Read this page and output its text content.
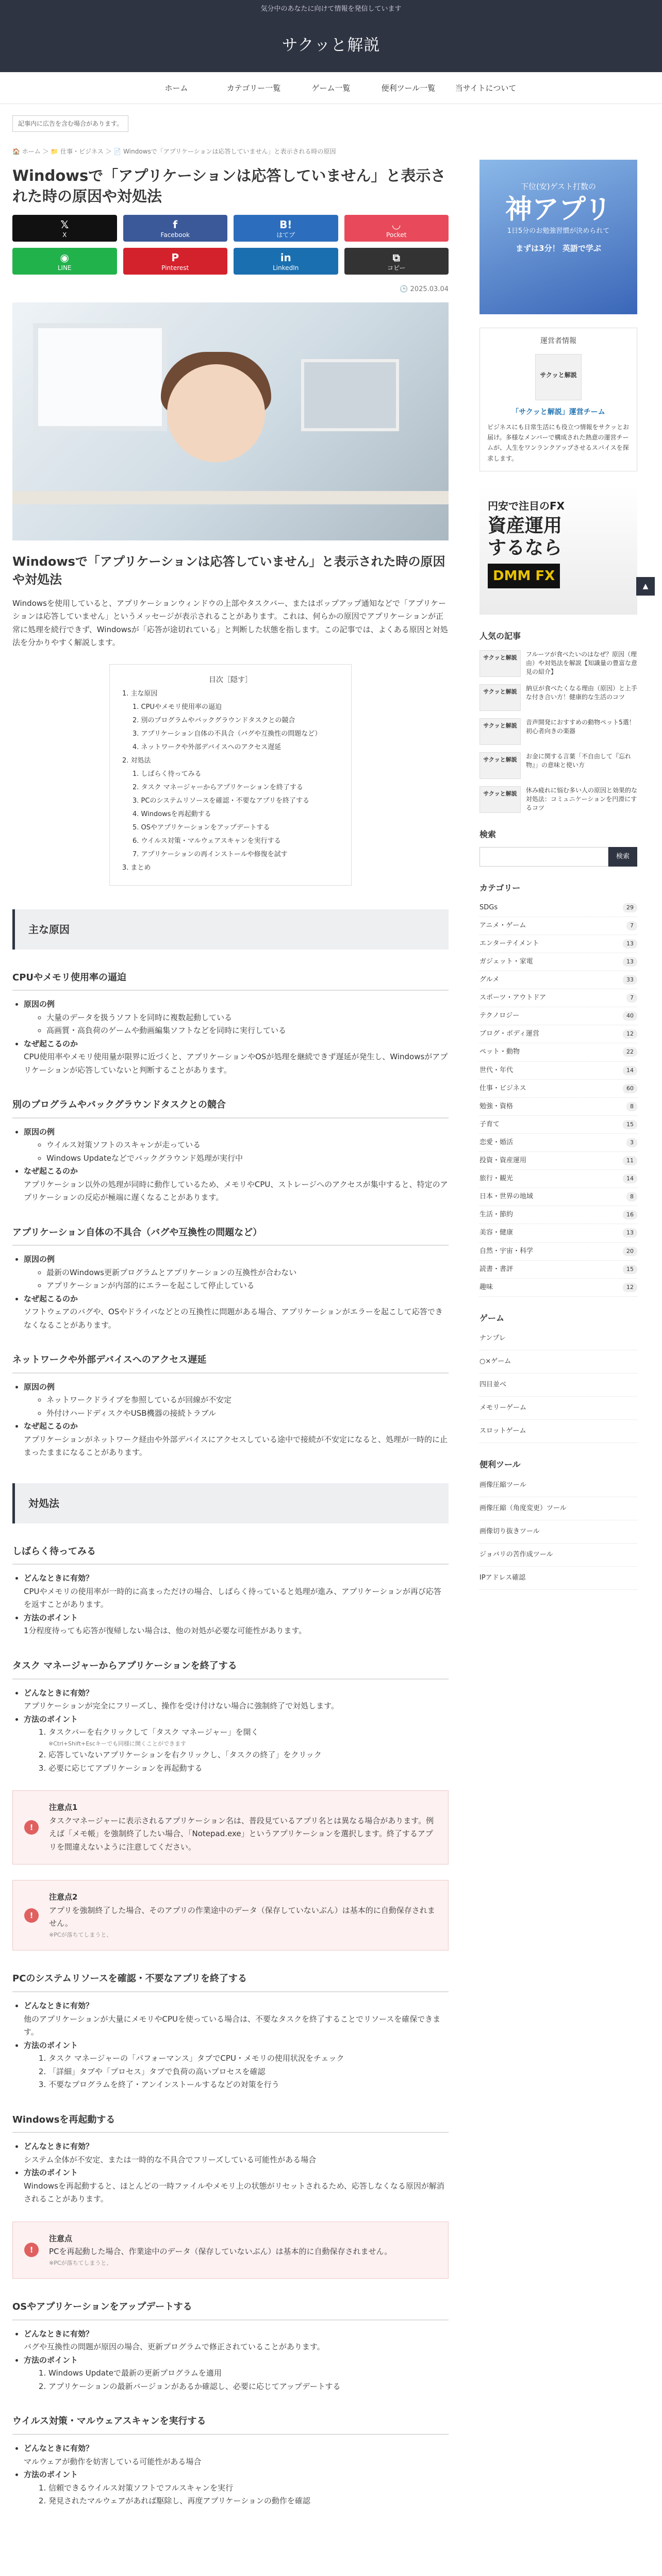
気分中のあなたに向けて情報を発信しています
サクッと解説
ホーム	カテゴリー一覧	ゲーム一覧	便利ツール一覧	当サイトについて
記事内に広告を含む場合があります。
🏠 ホーム ＞ 📁 仕事・ビジネス ＞ 📄 Windowsで「アプリケーションは応答していません」と表示される時の原因
Windowsで「アプリケーションは応答していません」と表示された時の原因や対処法
𝕏
X
f
Facebook
B!
はてブ
◡
Pocket
◉
LINE
P
Pinterest
in
LinkedIn
⧉
コピー
🕒 2025.03.04
Windowsで「アプリケーションは応答していません」と表示された時の原因や対処法

Windowsを使用していると、アプリケーションウィンドウの上部やタスクバー、またはポップアップ通知などで「アプリケーションは応答していません」というメッセージが表示されることがあります。これは、何らかの原因でアプリケーションが正常に処理を続行できず、Windowsが「応答が途切れている」と判断した状態を指します。この記事では、よくある原因と対処法を分かりやすく解説します。

目次［隠す］
1. 主な原因
1. CPUやメモリ使用率の逼迫
2. 別のプログラムやバックグラウンドタスクとの競合
3. アプリケーション自体の不具合（バグや互換性の問題など）
4. ネットワークや外部デバイスへのアクセス遅延
2. 対処法
1. しばらく待ってみる
2. タスク マネージャーからアプリケーションを終了する
3. PCのシステムリソースを確認・不要なアプリを終了する
4. Windowsを再起動する
5. OSやアプリケーションをアップデートする
6. ウイルス対策・マルウェアスキャンを実行する
7. アプリケーションの再インストールや修復を試す
3. まとめ
主な原因
CPUやメモリ使用率の逼迫
• 原因の例
◦ 大量のデータを扱うソフトを同時に複数起動している
◦ 高画質・高負荷のゲームや動画編集ソフトなどを同時に実行している
• なぜ起こるのか
CPU使用率やメモリ使用量が限界に近づくと、アプリケーションやOSが処理を継続できず遅延が発生し、Windowsがアプリケーションが応答していないと判断することがあります。
別のプログラムやバックグラウンドタスクとの競合
• 原因の例
◦ ウイルス対策ソフトのスキャンが走っている
◦ Windows Updateなどでバックグラウンド処理が実行中
• なぜ起こるのか
アプリケーション以外の処理が同時に動作しているため、メモリやCPU、ストレージへのアクセスが集中すると、特定のアプリケーションの反応が極端に遅くなることがあります。
アプリケーション自体の不具合（バグや互換性の問題など）
• 原因の例
◦ 最新のWindows更新プログラムとアプリケーションの互換性が合わない
◦ アプリケーションが内部的にエラーを起こして停止している
• なぜ起こるのか
ソフトウェアのバグや、OSやドライバなどとの互換性に問題がある場合、アプリケーションがエラーを起こして応答できなくなることがあります。
ネットワークや外部デバイスへのアクセス遅延
• 原因の例
◦ ネットワークドライブを参照しているが回線が不安定
◦ 外付けハードディスクやUSB機器の接続トラブル
• なぜ起こるのか
アプリケーションがネットワーク経由や外部デバイスにアクセスしている途中で接続が不安定になると、処理が一時的に止まったままになることがあります。
対処法
しばらく待ってみる
• どんなときに有効？
CPUやメモリの使用率が一時的に高まっただけの場合、しばらく待っていると処理が進み、アプリケーションが再び応答を返すことがあります。
• 方法のポイント
1分程度待っても応答が復帰しない場合は、他の対処が必要な可能性があります。
タスク マネージャーからアプリケーションを終了する
• どんなときに有効？
アプリケーションが完全にフリーズし、操作を受け付けない場合に強制終了で対処します。
• 方法のポイント
1. タスクバーを右クリックして「タスク マネージャー」を開く
※Ctrl+Shift+Escキーでも同様に開くことができます
2. 応答していないアプリケーションを右クリックし、「タスクの終了」をクリック
3. 必要に応じてアプリケーションを再起動する
!
注意点1
タスクマネージャーに表示されるアプリケーション名は、普段見ているアプリ名とは異なる場合があります。例えば「メモ帳」を強制終了したい場合、「Notepad.exe」というアプリケーションを選択します。終了するアプリを間違えないように注意してください。
!
注意点2
アプリを強制終了した場合、そのアプリの作業途中のデータ（保存していないぶん）は基本的に自動保存されません。
※PCが落ちてしまうと、
PCのシステムリソースを確認・不要なアプリを終了する
• どんなときに有効？
他のアプリケーションが大量にメモリやCPUを使っている場合は、不要なタスクを終了することでリソースを確保できます。
• 方法のポイント
1. タスク マネージャーの「パフォーマンス」タブでCPU・メモリの使用状況をチェック
2. 「詳細」タブや「プロセス」タブで負荷の高いプロセスを確認
3. 不要なプログラムを終了・アンインストールするなどの対策を行う
Windowsを再起動する
• どんなときに有効？
システム全体が不安定、または一時的な不具合でフリーズしている可能性がある場合
• 方法のポイント
Windowsを再起動すると、ほとんどの一時ファイルやメモリ上の状態がリセットされるため、応答しなくなる原因が解消されることがあります。
!
注意点
PCを再起動した場合、作業途中のデータ（保存していないぶん）は基本的に自動保存されません。
※PCが落ちてしまうと、
OSやアプリケーションをアップデートする
• どんなときに有効？
バグや互換性の問題が原因の場合、更新プログラムで修正されていることがあります。
• 方法のポイント
1. Windows Updateで最新の更新プログラムを適用
2. アプリケーションの最新バージョンがあるか確認し、必要に応じてアップデートする
ウイルス対策・マルウェアスキャンを実行する
• どんなときに有効？
マルウェアが動作を妨害している可能性がある場合
• 方法のポイント
1. 信頼できるウイルス対策ソフトでフルスキャンを実行
2. 発見されたマルウェアがあれば駆除し、再度アプリケーションの動作を確認
下位(安)ゲスト打数の
神アプリ
1日5分のお勉強習慣が決められて
まずは3分！ 英語で学ぶ
運営者情報
サクッと解説
「サクッと解説」運営チーム
ビジネスにも日常生活にも役立つ情報をサクッとお届け。多様なメンバーで構成された熱意の運営チームが、人生をワンランクアップさせるスパイスを探求します。
円安で注目のFX
資産運用
するなら
DMM FX
人気の記事
サクッと解説	フルーツが食べたいのはなぜ？原因（理由）や対処法を解説【知識量の豊富な意見の紹介】
サクッと解説	納豆が食べたくなる理由（原因）と上手な付き合い方！健康的な生活のコツ
サクッと解説	音声開発におすすめの動物ペット5選！初心者向きの楽器
サクッと解説	お金に関する言葉「不自由して『忘れ物』」の意味と使い方
サクッと解説	休み疲れに悩む多い人の原因と効果的な対処法：コミュニケーションを円滑にするコツ
検索
検索
カテゴリー
SDGs	29
アニメ・ゲーム	7
エンターテイメント	13
ガジェット・家電	13
グルメ	33
スポーツ・アウトドア	7
テクノロジー	40
ブログ・ボディ運営	12
ペット・動物	22
世代・年代	14
仕事・ビジネス	60
勉強・資格	8
子育て	15
恋愛・婚活	3
投資・資産運用	11
旅行・観光	14
日本・世界の地域	8
生活・節約	16
美容・健康	13
自然・宇宙・科学	20
読書・書評	15
趣味	12
ゲーム
ナンプレ
○×ゲーム
四目並べ
メモリーゲーム
スロットゲーム
便利ツール
画像圧縮ツール
画像圧縮（角度変更）ツール
画像切り抜きツール
ジョバリの苦作成ツール
IPアドレス確認
▲
